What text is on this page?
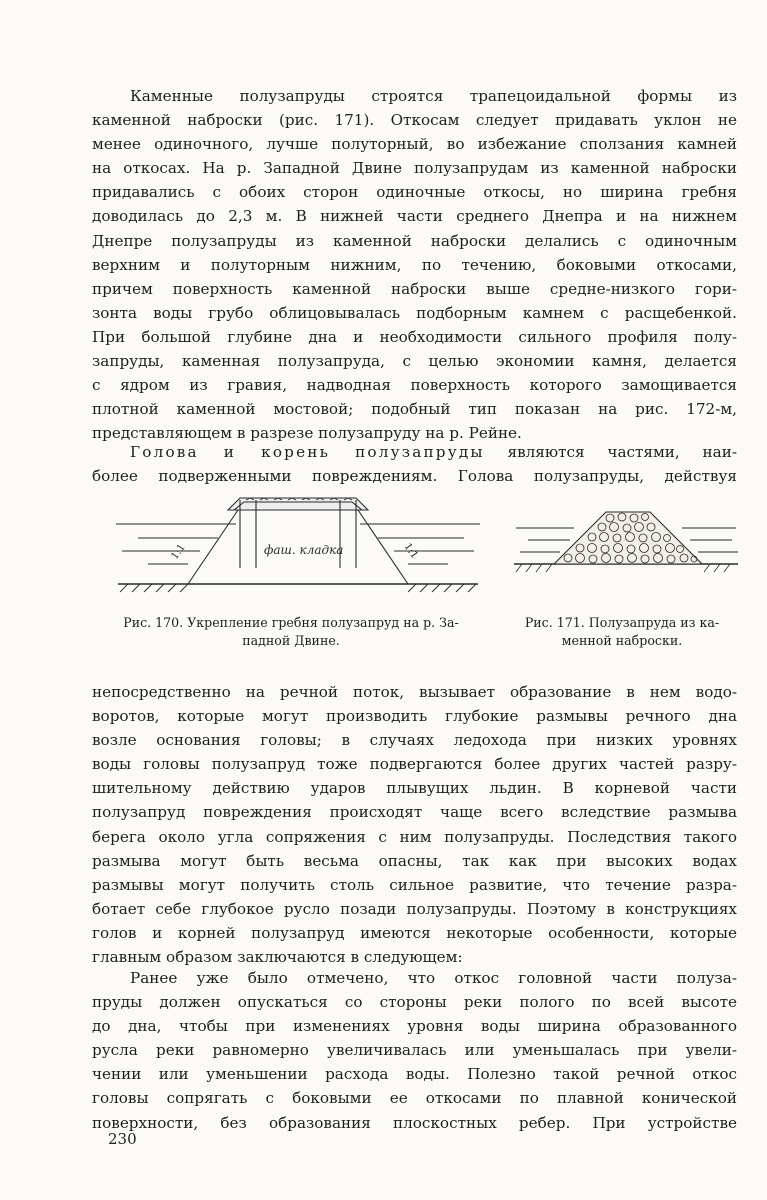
Каменные полузапруды строятся трапецоидальной формы из
каменной наброски (рис. 171). Откосам следует придавать уклон не
менее одиночного, лучше полуторный, во избежание сползания камней
на откосах. На р. Западной Двине полузапрудам из каменной наброски
придавались с обоих сторон одиночные откосы, но ширина гребня
доводилась до 2,3 м. В нижней части среднего Днепра и на нижнем
Днепре полузапруды из каменной наброски делались с одиночным
верхним и полуторным нижним, по течению, боковыми откосами,
причем поверхность каменной наброски выше средне-низкого гори-
зонта воды грубо облицовывалась подборным камнем с расщебенкой.
При большой глубине дна и необходимости сильного профиля полу-
запруды, каменная полузапруда, с целью экономии камня, делается
с ядром из гравия, надводная поверхность которого замощивается
плотной каменной мостовой; подобный тип показан на рис. 172-м,
представляющем в разрезе полузапруду на р. Рейне.
Голова и корень полузапруды являются частями, наи-
более подверженными повреждениям. Голова полузапруды, действуя
1:1	1:1
фаш. кладка
Рис. 170. Укрепление гребня полузапруд на р. За-
падной Двине.
Рис. 171. Полузапруда из ка-
менной наброски.
непосредственно на речной поток, вызывает образование в нем водо-
воротов, которые могут производить глубокие размывы речного дна
возле основания головы; в случаях ледохода при низких уровнях
воды головы полузапруд тоже подвергаются более других частей разру-
шительному действию ударов плывущих льдин. В корневой части
полузапруд повреждения происходят чаще всего вследствие размыва
берега около угла сопряжения с ним полузапруды. Последствия такого
размыва могут быть весьма опасны, так как при высоких водах
размывы могут получить столь сильное развитие, что течение разра-
ботает себе глубокое русло позади полузапруды. Поэтому в конструкциях
голов и корней полузапруд имеются некоторые особенности, которые
главным образом заключаются в следующем:
Ранее уже было отмечено, что откос головной части полуза-
пруды должен опускаться со стороны реки полого по всей высоте
до дна, чтобы при изменениях уровня воды ширина образованного
русла реки равномерно увеличивалась или уменьшалась при увели-
чении или уменьшении расхода воды. Полезно такой речной откос
головы сопрягать с боковыми ее откосами по плавной конической
поверхности, без образования плоскостных ребер. При устройстве
230
